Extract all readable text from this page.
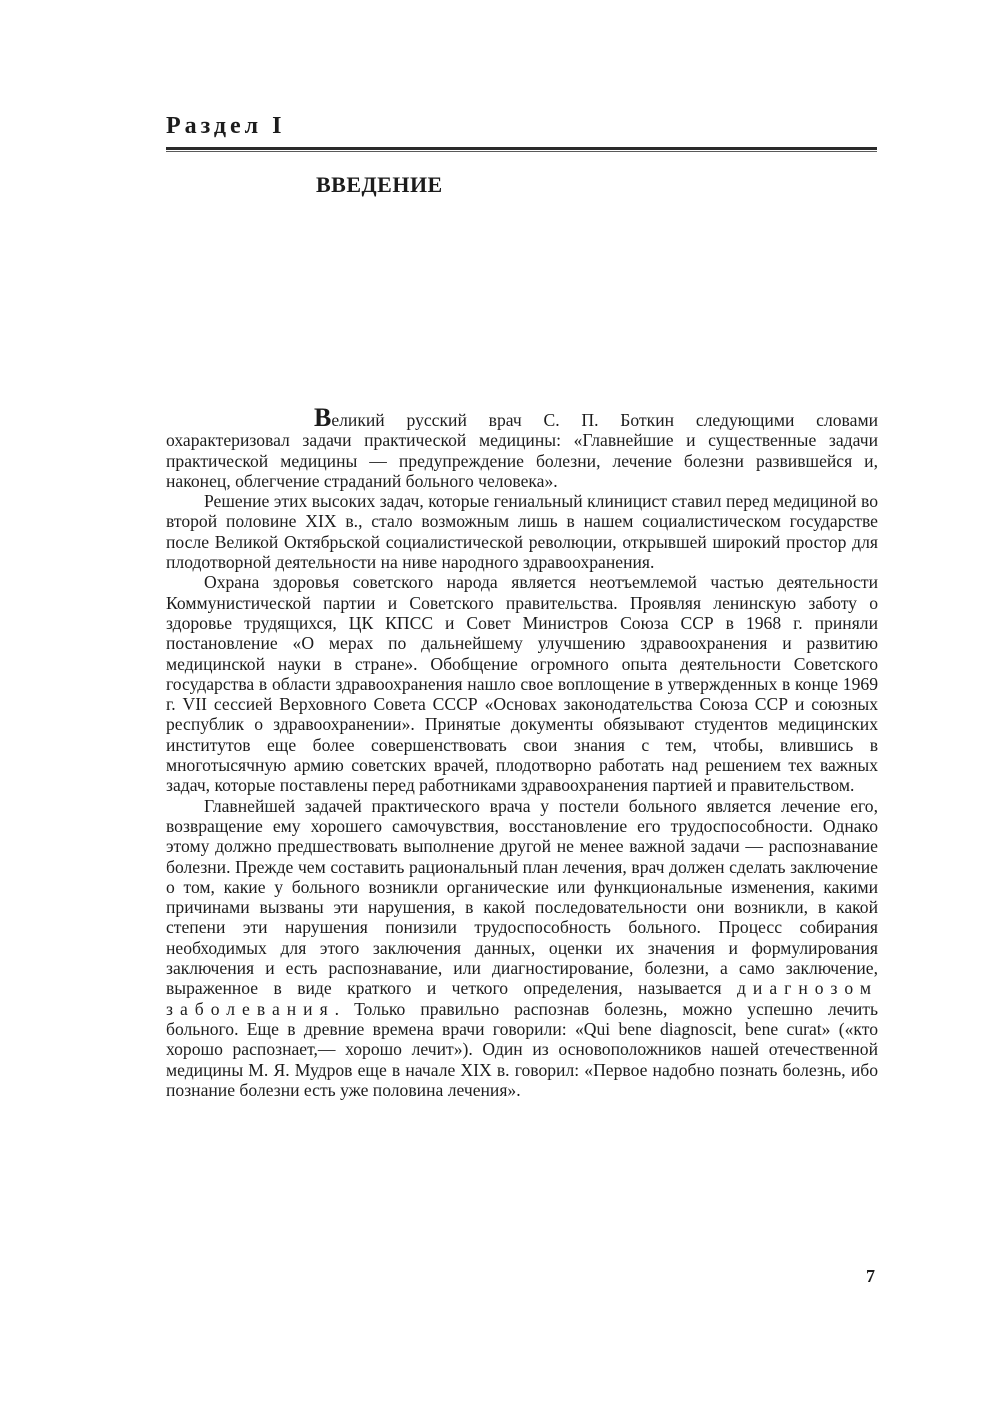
Раздел I
ВВЕДЕНИЕ

Великий русский врач С. П. Боткин следующими словами охарактеризовал задачи практической медицины: «Главнейшие и существенные задачи практической медицины — предупреждение болезни, лечение болезни развившейся и, наконец, облегчение страданий больного человека».

Решение этих высоких задач, которые гениальный клиницист ставил перед медициной во второй половине XIX в., стало возможным лишь в нашем социалистическом государстве после Великой Октябрьской социалистической революции, открывшей широкий простор для плодотворной деятельности на ниве народного здравоохранения.

Охрана здоровья советского народа является неотъемлемой частью деятельности Коммунистической партии и Советского правительства. Проявляя ленинскую заботу о здоровье трудящихся, ЦК КПСС и Совет Министров Союза ССР в 1968 г. приняли постановление «О мерах по дальнейшему улучшению здравоохранения и развитию медицинской науки в стране». Обобщение огромного опыта деятельности Советского государства в области здравоохранения нашло свое воплощение в утвержденных в конце 1969 г. VII сессией Верховного Совета СССР «Основах законодательства Союза ССР и союзных республик о здравоохранении». Принятые документы обязывают студентов медицинских институтов еще более совершенствовать свои знания с тем, чтобы, влившись в многотысячную армию советских врачей, плодотворно работать над решением тех важных задач, которые поставлены перед работниками здравоохранения партией и правительством.

Главнейшей задачей практического врача у постели больного является лечение его, возвращение ему хорошего самочувствия, восстановление его трудоспособности. Однако этому должно предшествовать выполнение другой не менее важной задачи — распознавание болезни. Прежде чем составить рациональный план лечения, врач должен сделать заключение о том, какие у больного возникли органические или функциональные изменения, какими причинами вызваны эти нарушения, в какой последовательности они возникли, в какой степени эти нарушения понизили трудоспособность больного. Процесс собирания необходимых для этого заключения данных, оценки их значения и формулирования заключения и есть распознавание, или диагностирование, болезни, а само заключение, выраженное в виде краткого и четкого определения, называется диагнозом заболевания. Только правильно распознав болезнь, можно успешно лечить больного. Еще в древние времена врачи говорили: «Qui bene diagnoscit, bene curat» («кто хорошо распознает,— хорошо лечит»). Один из основоположников нашей отечественной медицины М. Я. Мудров еще в начале XIX в. говорил: «Первое надобно познать болезнь, ибо познание болезни есть уже половина лечения».

7
